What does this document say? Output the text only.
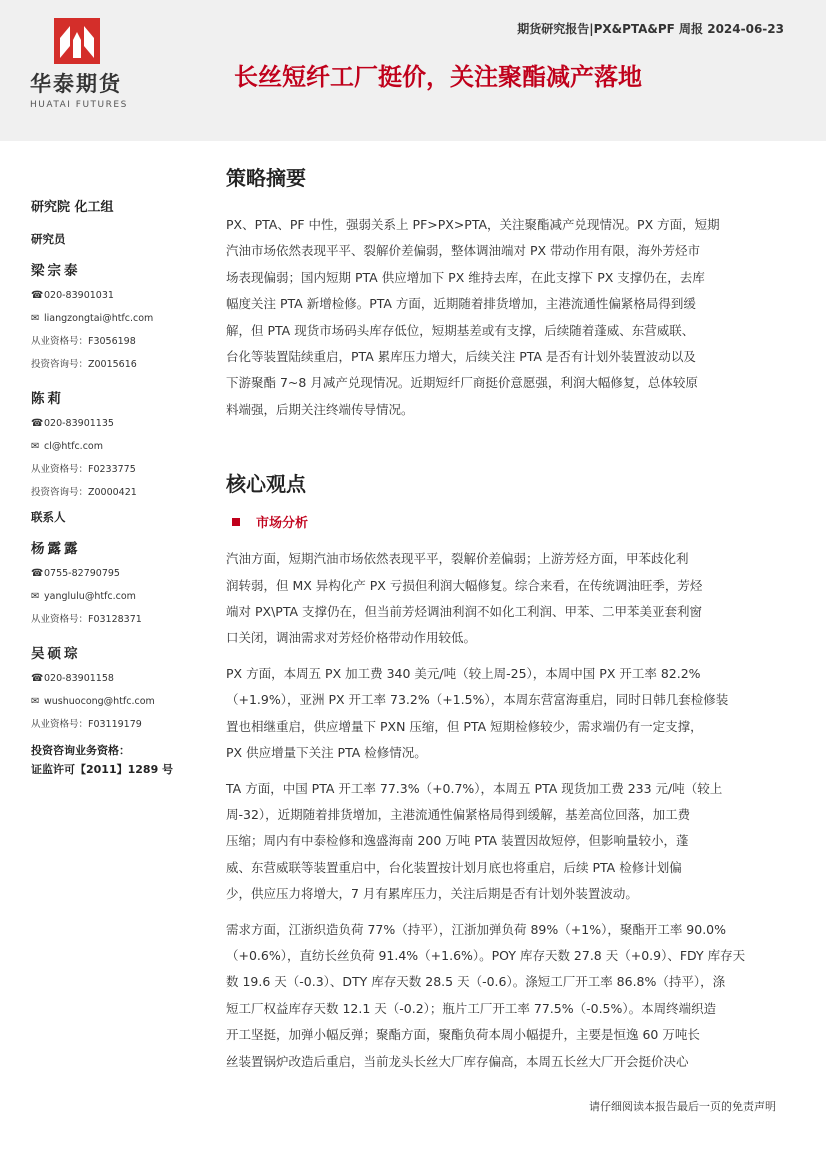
华泰期货
HUATAI FUTURES
期货研究报告|PX&PTA&PF 周报 2024-06-23
长丝短纤工厂挺价，关注聚酯减产落地
研究院 化工组
研究员
梁宗泰
☎020-83901031
✉ liangzongtai@htfc.com
从业资格号：F3056198
投资咨询号：Z0015616
陈莉
☎020-83901135
✉ cl@htfc.com
从业资格号：F0233775
投资咨询号：Z0000421
联系人
杨露露
☎0755-82790795
✉ yanglulu@htfc.com
从业资格号：F03128371
吴硕琮
☎020-83901158
✉ wushuocong@htfc.com
从业资格号：F03119179
投资咨询业务资格：
证监许可【2011】1289 号
策略摘要
PX、PTA、PF 中性，强弱关系上 PF>PX>PTA，关注聚酯减产兑现情况。PX 方面，短期
汽油市场依然表现平平、裂解价差偏弱，整体调油端对 PX 带动作用有限，海外芳烃市
场表现偏弱；国内短期 PTA 供应增加下 PX 维持去库，在此支撑下 PX 支撑仍在，去库
幅度关注 PTA 新增检修。PTA 方面，近期随着排货增加，主港流通性偏紧格局得到缓
解，但 PTA 现货市场码头库存低位，短期基差或有支撑，后续随着蓬威、东营威联、
台化等装置陆续重启，PTA 累库压力增大，后续关注 PTA 是否有计划外装置波动以及
下游聚酯 7~8 月减产兑现情况。近期短纤厂商挺价意愿强，利润大幅修复，总体较原
料端强，后期关注终端传导情况。
核心观点
市场分析
汽油方面，短期汽油市场依然表现平平，裂解价差偏弱；上游芳烃方面，甲苯歧化利
润转弱，但 MX 异构化产 PX 亏损但利润大幅修复。综合来看，在传统调油旺季，芳烃
端对 PX\PTA 支撑仍在，但当前芳烃调油利润不如化工利润、甲苯、二甲苯美亚套利窗
口关闭，调油需求对芳烃价格带动作用较低。
PX 方面，本周五 PX 加工费 340 美元/吨（较上周-25），本周中国 PX 开工率 82.2%
（+1.9%），亚洲 PX 开工率 73.2%（+1.5%），本周东营富海重启，同时日韩几套检修装
置也相继重启，供应增量下 PXN 压缩，但 PTA 短期检修较少，需求端仍有一定支撑，
PX 供应增量下关注 PTA 检修情况。
TA 方面，中国 PTA 开工率 77.3%（+0.7%），本周五 PTA 现货加工费 233 元/吨（较上
周-32），近期随着排货增加，主港流通性偏紧格局得到缓解，基差高位回落，加工费
压缩；周内有中泰检修和逸盛海南 200 万吨 PTA 装置因故短停，但影响量较小，蓬
威、东营威联等装置重启中，台化装置按计划月底也将重启，后续 PTA 检修计划偏
少，供应压力将增大，7 月有累库压力，关注后期是否有计划外装置波动。
需求方面，江浙织造负荷 77%（持平），江浙加弹负荷 89%（+1%），聚酯开工率 90.0%
（+0.6%），直纺长丝负荷 91.4%（+1.6%）。POY 库存天数 27.8 天（+0.9）、FDY 库存天
数 19.6 天（-0.3）、DTY 库存天数 28.5 天（-0.6）。涤短工厂开工率 86.8%（持平），涤
短工厂权益库存天数 12.1 天（-0.2）；瓶片工厂开工率 77.5%（-0.5%）。本周终端织造
开工坚挺，加弹小幅反弹；聚酯方面，聚酯负荷本周小幅提升，主要是恒逸 60 万吨长
丝装置锅炉改造后重启，当前龙头长丝大厂库存偏高，本周五长丝大厂开会挺价决心
请仔细阅读本报告最后一页的免责声明
